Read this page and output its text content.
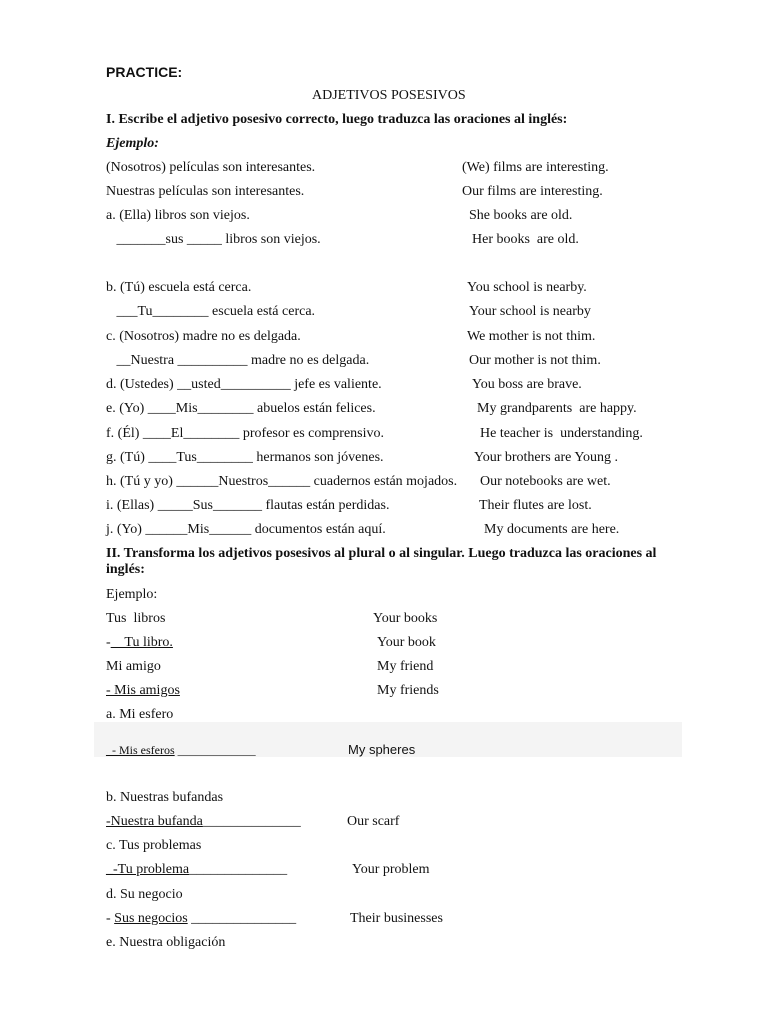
PRACTICE:
ADJETIVOS POSESIVOS
I. Escribe el adjetivo posesivo correcto, luego traduzca las oraciones al inglés:
Ejemplo:
(Nosotros) películas son interesantes.	(We) films are interesting.
Nuestras películas son interesantes.	Our films are interesting.
a. (Ella) libros son viejos.	She books are old.
_______sus _____ libros son viejos.	Her books  are old.
b. (Tú) escuela está cerca.	You school is nearby.
___Tu________ escuela está cerca.	Your school is nearby
c. (Nosotros) madre no es delgada.	We mother is not thim.
__Nuestra __________ madre no es delgada.	Our mother is not thim.
d. (Ustedes) __usted__________ jefe es valiente.	You boss are brave.
e. (Yo) ____Mis________ abuelos están felices.	My grandparents  are happy.
f. (Él) ____El________ profesor es comprensivo.	He teacher is  understanding.
g. (Tú) ____Tus________ hermanos son jóvenes.	Your brothers are Young .
h. (Tú y yo) ______Nuestros______ cuadernos están mojados. Our notebooks are wet.
i. (Ellas) _____Sus_______ flautas están perdidas.	Their flutes are lost.
j. (Yo) ______Mis______ documentos están aquí.	My documents are here.
II. Transforma los adjetivos posesivos al plural o al singular. Luego traduzca las oraciones al
inglés:
Ejemplo:
Tus  libros	Your books
-    Tu libro.	Your book
Mi amigo	My friend
- Mis amigos	My friends
a. Mi esfero
_- Mis esferos _____________	My spheres
b. Nuestras bufandas
-Nuestra bufanda______________	Our scarf
c. Tus problemas
_-Tu problema______________	Your problem
d. Su negocio
- Sus negocios _______________	Their businesses
e. Nuestra obligación
